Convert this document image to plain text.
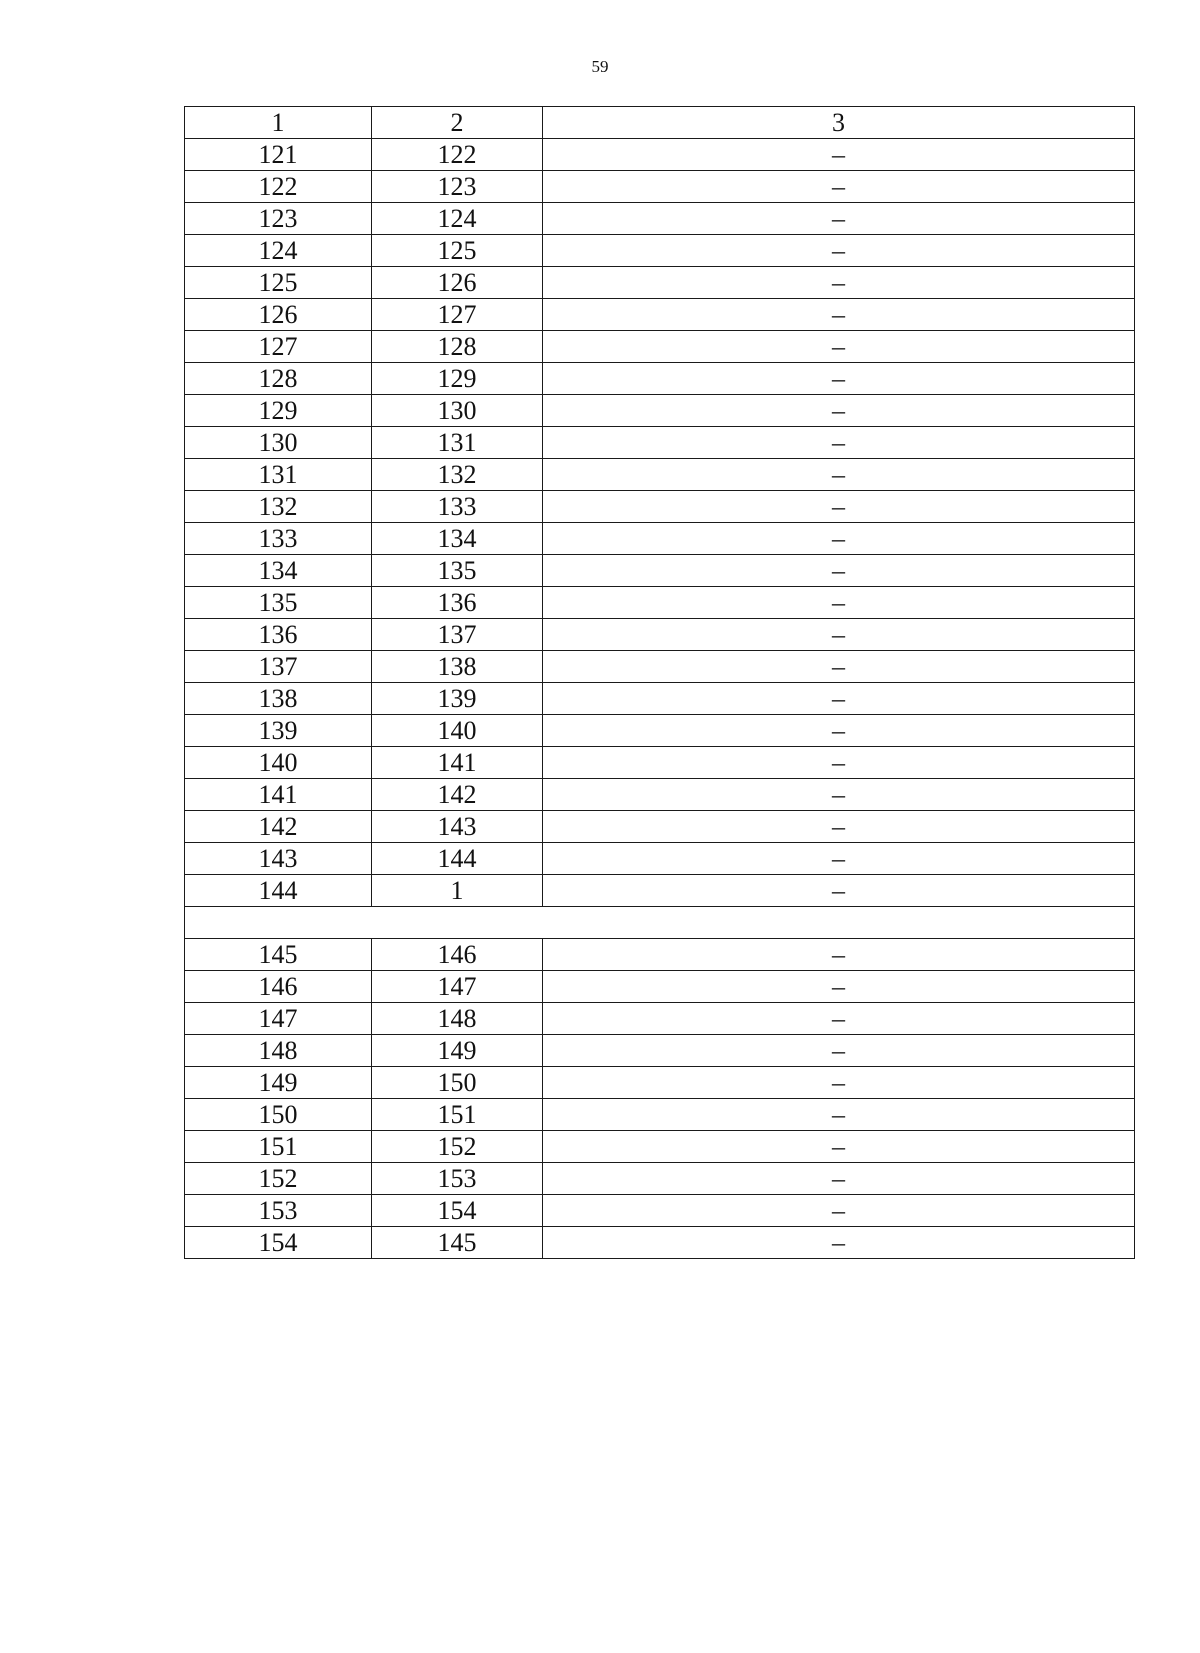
59
1	2	3
121	122	–
122	123	–
123	124	–
124	125	–
125	126	–
126	127	–
127	128	–
128	129	–
129	130	–
130	131	–
131	132	–
132	133	–
133	134	–
134	135	–
135	136	–
136	137	–
137	138	–
138	139	–
139	140	–
140	141	–
141	142	–
142	143	–
143	144	–
144	1	–

145	146	–
146	147	–
147	148	–
148	149	–
149	150	–
150	151	–
151	152	–
152	153	–
153	154	–
154	145	–
